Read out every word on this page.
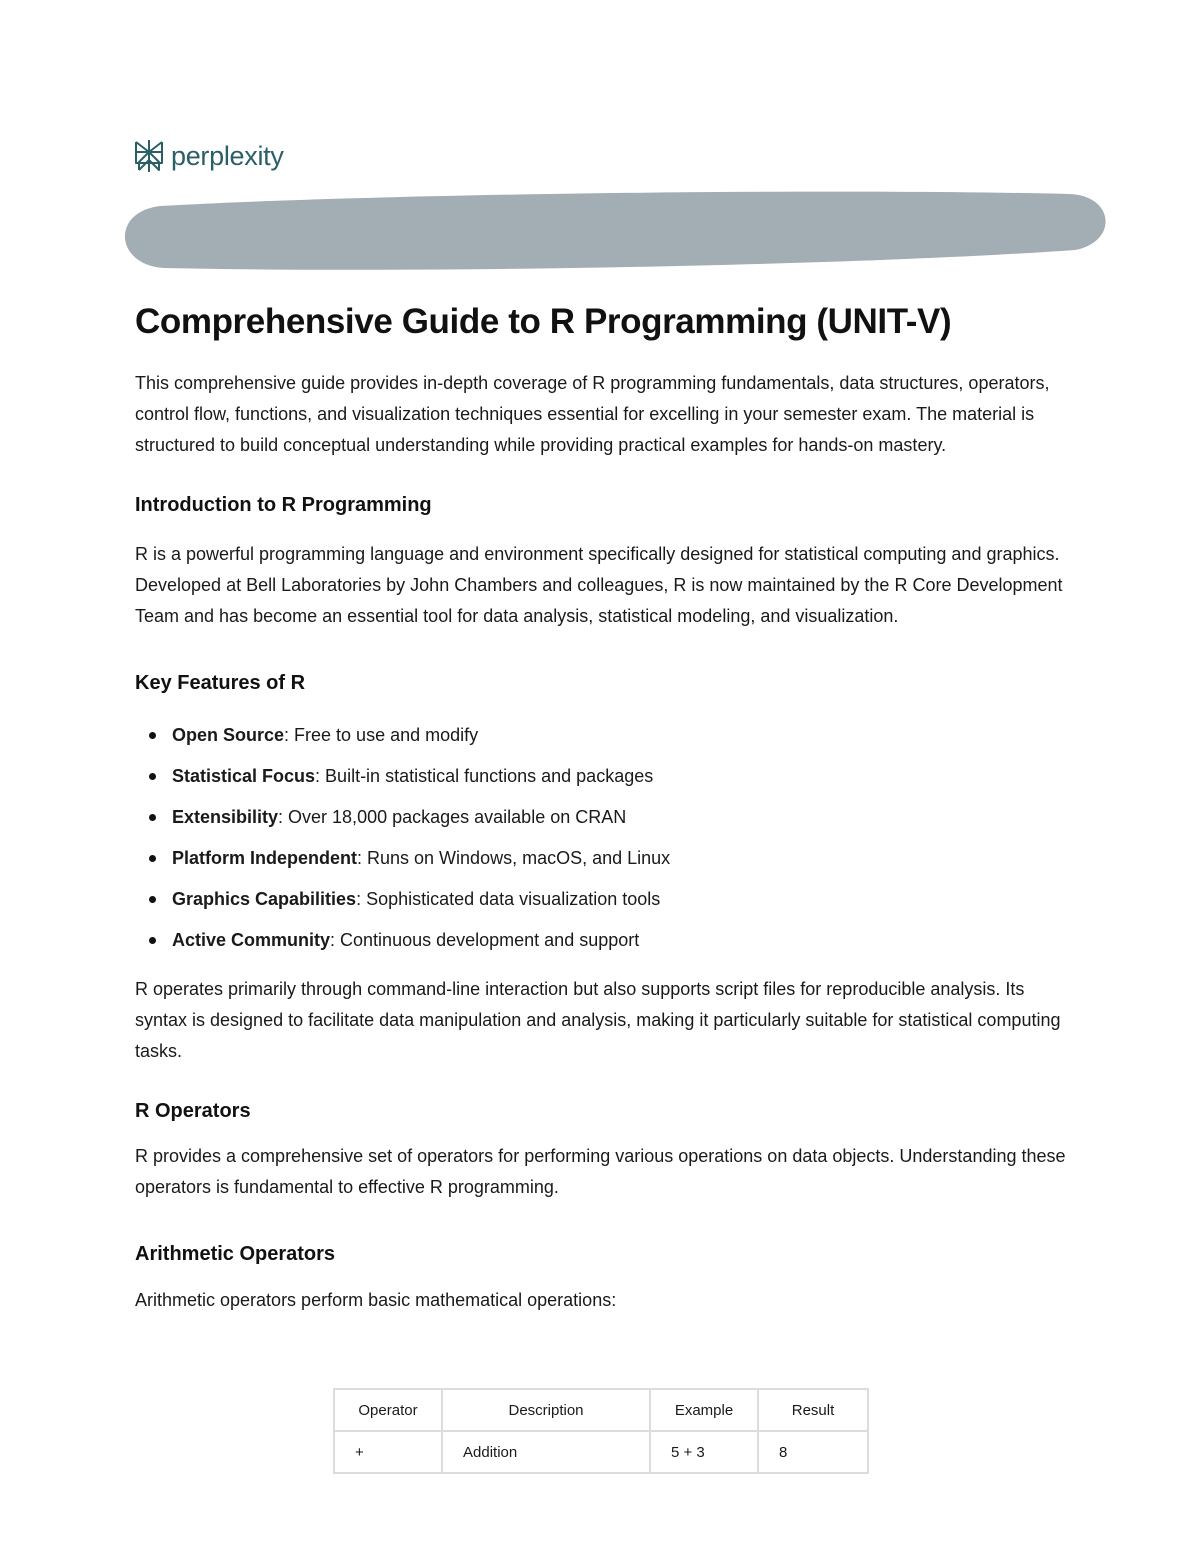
perplexity
Comprehensive Guide to R Programming (UNIT-V)

This comprehensive guide provides in-depth coverage of R programming fundamentals, data structures, operators, control flow, functions, and visualization techniques essential for excelling in your semester exam. The material is structured to build conceptual understanding while providing practical examples for hands-on mastery.

Introduction to R Programming

R is a powerful programming language and environment specifically designed for statistical computing and graphics. Developed at Bell Laboratories by John Chambers and colleagues, R is now maintained by the R Core Development Team and has become an essential tool for data analysis, statistical modeling, and visualization.

Key Features of R
Open Source: Free to use and modify
Statistical Focus: Built-in statistical functions and packages
Extensibility: Over 18,000 packages available on CRAN
Platform Independent: Runs on Windows, macOS, and Linux
Graphics Capabilities: Sophisticated data visualization tools
Active Community: Continuous development and support

R operates primarily through command-line interaction but also supports script files for reproducible analysis. Its syntax is designed to facilitate data manipulation and analysis, making it particularly suitable for statistical computing tasks.

R Operators

R provides a comprehensive set of operators for performing various operations on data objects. Understanding these operators is fundamental to effective R programming.

Arithmetic Operators

Arithmetic operators perform basic mathematical operations:

Operator	Description	Example	Result
+	Addition	5 + 3	8
